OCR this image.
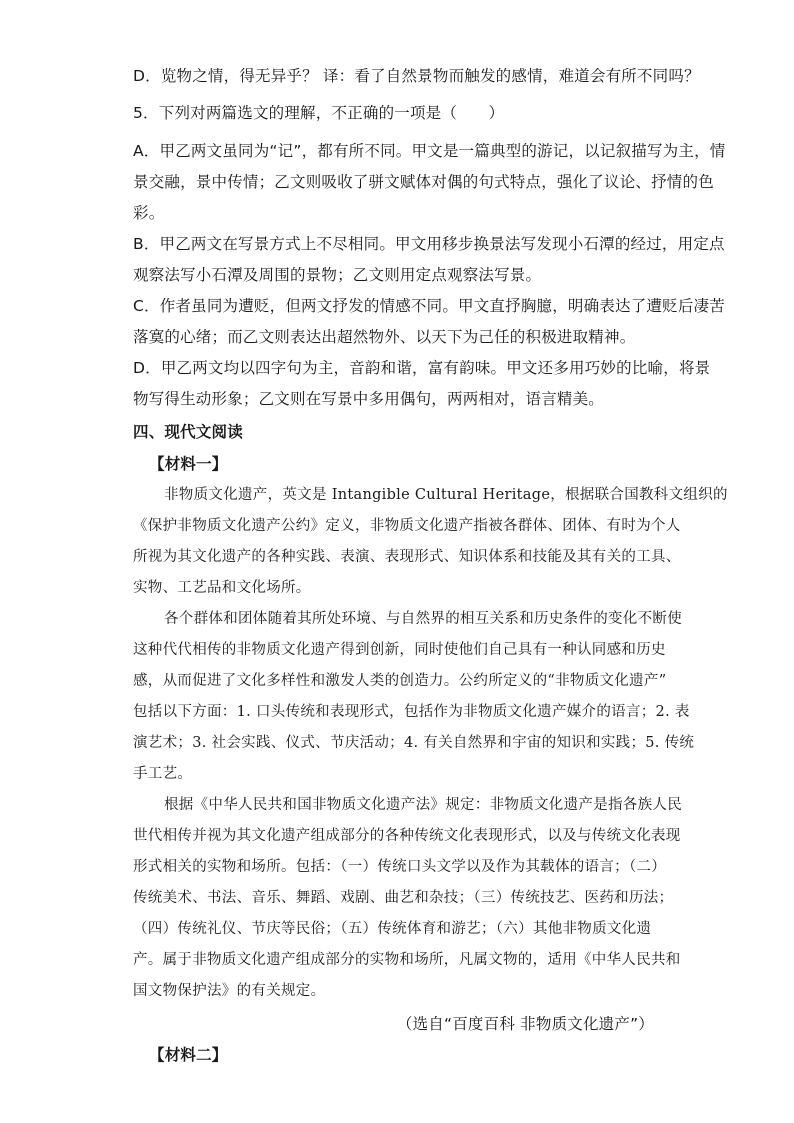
D．览物之情，得无异乎？ 译：看了自然景物而触发的感情，难道会有所不同吗？
5．下列对两篇选文的理解，不正确的一项是（　　）
A．甲乙两文虽同为“记”，都有所不同。甲文是一篇典型的游记，以记叙描写为主，情
景交融，景中传情；乙文则吸收了骈文赋体对偶的句式特点，强化了议论、抒情的色
彩。
B．甲乙两文在写景方式上不尽相同。甲文用移步换景法写发现小石潭的经过，用定点
观察法写小石潭及周围的景物；乙文则用定点观察法写景。
C．作者虽同为遭贬，但两文抒发的情感不同。甲文直抒胸臆，明确表达了遭贬后凄苦
落寞的心绪；而乙文则表达出超然物外、以天下为己任的积极进取精神。
D．甲乙两文均以四字句为主，音韵和谐，富有韵味。甲文还多用巧妙的比喻，将景
物写得生动形象；乙文则在写景中多用偶句，两两相对，语言精美。
四、现代文阅读
【材料一】
非物质文化遗产，英文是 Intangible Cultural Heritage，根据联合国教科文组织的
《保护非物质文化遗产公约》定义，非物质文化遗产指被各群体、团体、有时为个人
所视为其文化遗产的各种实践、表演、表现形式、知识体系和技能及其有关的工具、
实物、工艺品和文化场所。
各个群体和团体随着其所处环境、与自然界的相互关系和历史条件的变化不断使
这种代代相传的非物质文化遗产得到创新，同时使他们自己具有一种认同感和历史
感，从而促进了文化多样性和激发人类的创造力。公约所定义的“非物质文化遗产”
包括以下方面：1. 口头传统和表现形式，包括作为非物质文化遗产媒介的语言；2. 表
演艺术；3. 社会实践、仪式、节庆活动；4. 有关自然界和宇宙的知识和实践；5. 传统
手工艺。
根据《中华人民共和国非物质文化遗产法》规定：非物质文化遗产是指各族人民
世代相传并视为其文化遗产组成部分的各种传统文化表现形式，以及与传统文化表现
形式相关的实物和场所。包括：（一）传统口头文学以及作为其载体的语言；（二）
传统美术、书法、音乐、舞蹈、戏剧、曲艺和杂技；（三）传统技艺、医药和历法；
（四）传统礼仪、节庆等民俗；（五）传统体育和游艺；（六）其他非物质文化遗
产。属于非物质文化遗产组成部分的实物和场所，凡属文物的，适用《中华人民共和
国文物保护法》的有关规定。
（选自“百度百科 非物质文化遗产”）
【材料二】
